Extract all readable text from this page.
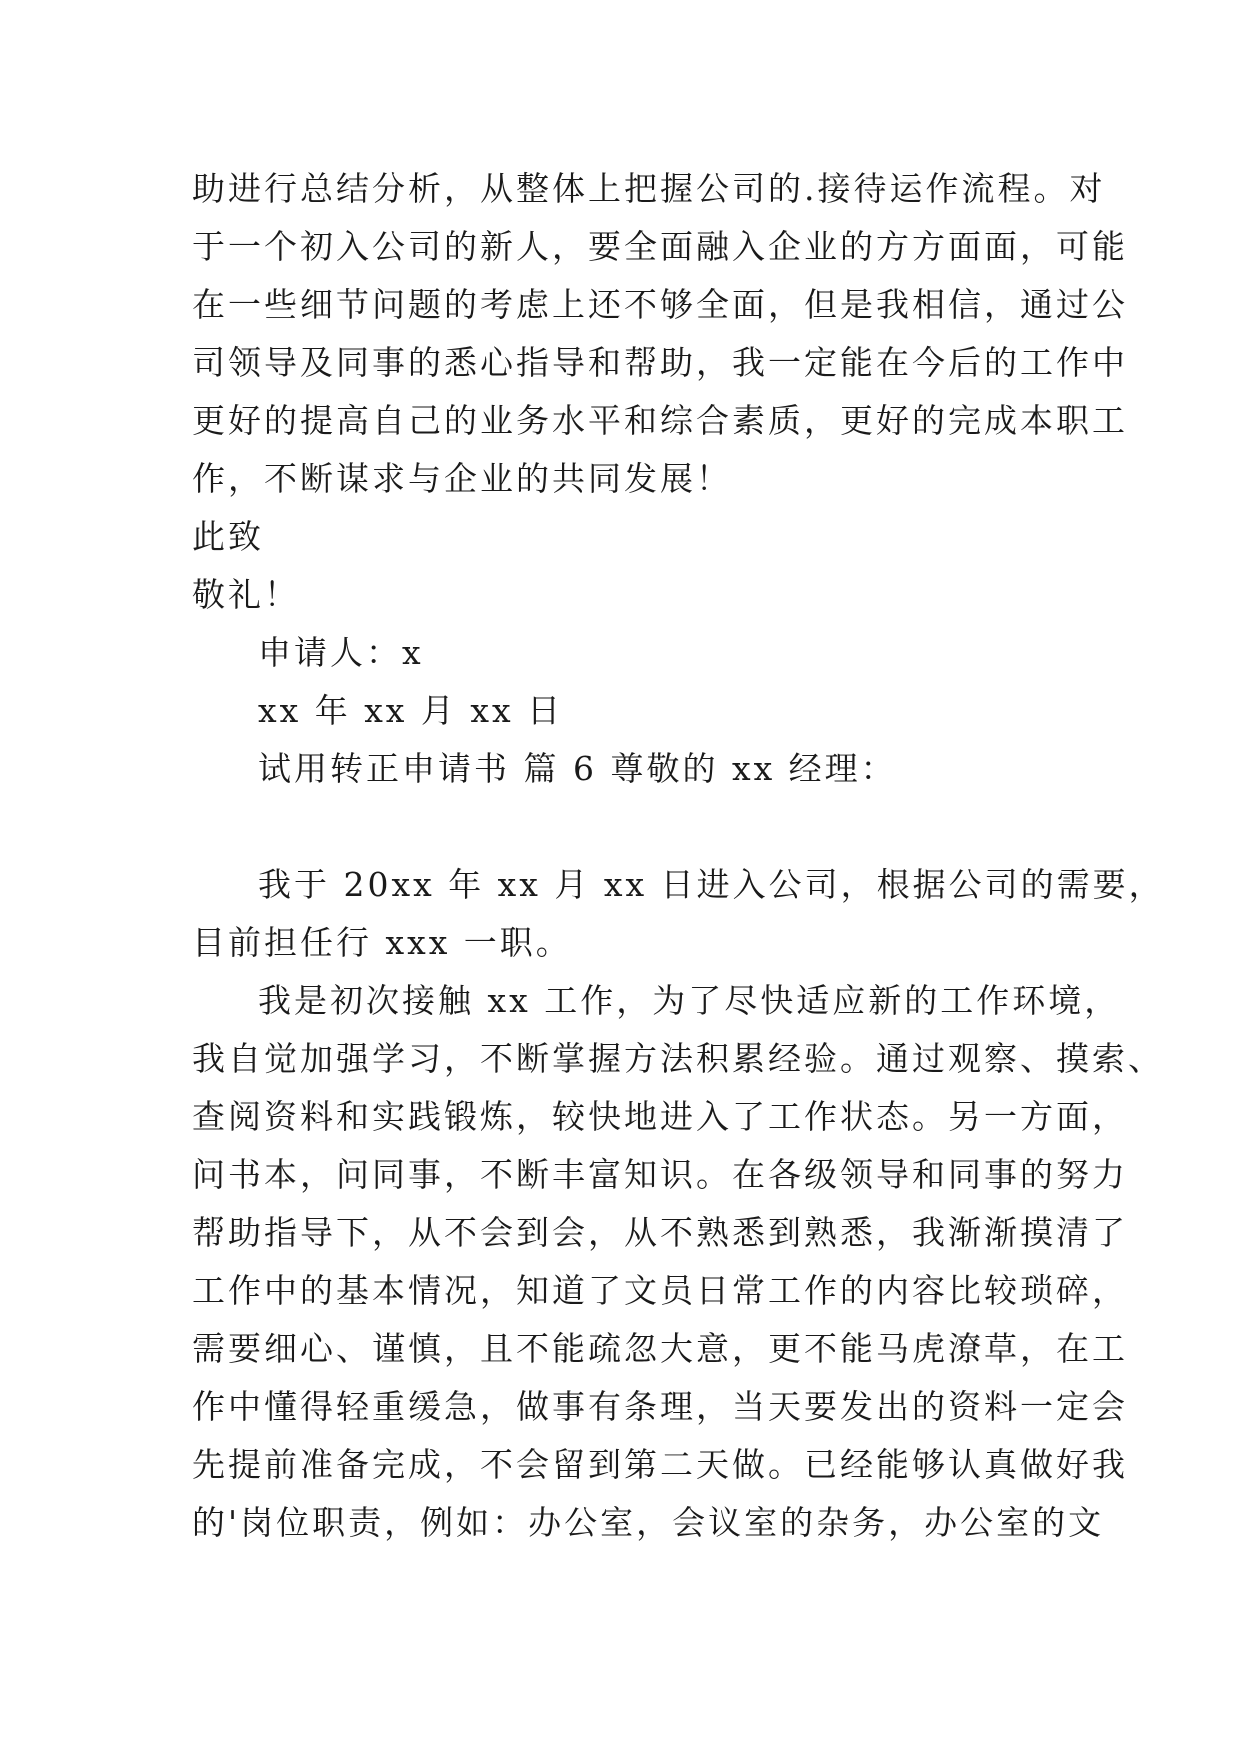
助进行总结分析，从整体上把握公司的.接待运作流程。对
于一个初入公司的新人，要全面融入企业的方方面面，可能
在一些细节问题的考虑上还不够全面，但是我相信，通过公
司领导及同事的悉心指导和帮助，我一定能在今后的工作中
更好的提高自己的业务水平和综合素质，更好的完成本职工
作，不断谋求与企业的共同发展！
此致
敬礼！
申请人：x
xx 年 xx 月 xx 日
试用转正申请书 篇 6 尊敬的 xx 经理：
我于 20xx 年 xx 月 xx 日进入公司，根据公司的需要，
目前担任行 xxx 一职。
我是初次接触 xx 工作，为了尽快适应新的工作环境，
我自觉加强学习，不断掌握方法积累经验。通过观察、摸索、
查阅资料和实践锻炼，较快地进入了工作状态。另一方面，
问书本，问同事，不断丰富知识。在各级领导和同事的努力
帮助指导下，从不会到会，从不熟悉到熟悉，我渐渐摸清了
工作中的基本情况，知道了文员日常工作的内容比较琐碎，
需要细心、谨慎，且不能疏忽大意，更不能马虎潦草，在工
作中懂得轻重缓急，做事有条理，当天要发出的资料一定会
先提前准备完成，不会留到第二天做。已经能够认真做好我
的'岗位职责，例如：办公室，会议室的杂务，办公室的文
